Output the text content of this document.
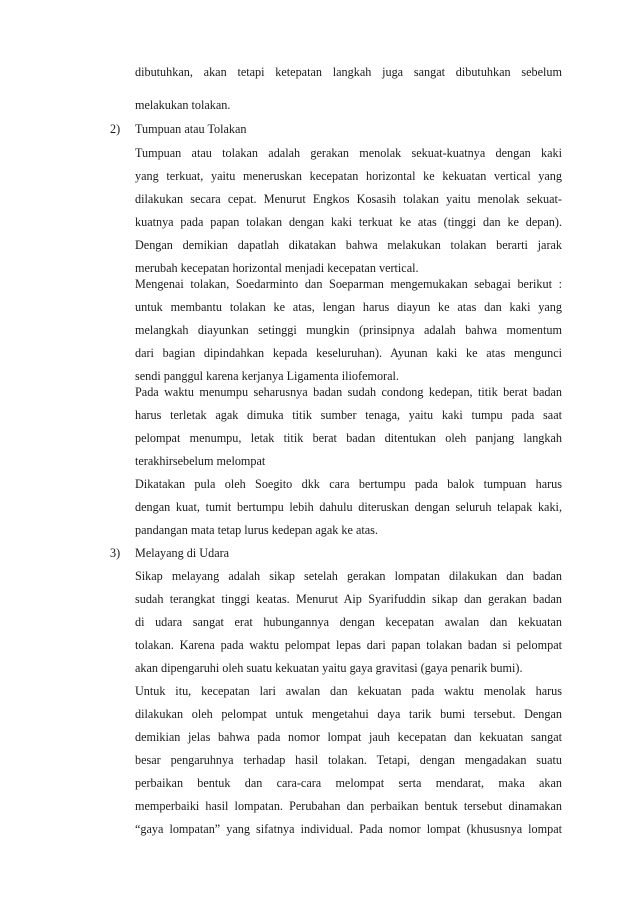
dibutuhkan, akan tetapi ketepatan langkah juga sangat dibutuhkan sebelum
melakukan tolakan.
2) Tumpuan atau Tolakan
Tumpuan atau tolakan adalah gerakan menolak sekuat-kuatnya dengan kaki
yang terkuat, yaitu meneruskan kecepatan horizontal ke kekuatan vertical yang
dilakukan secara cepat. Menurut Engkos Kosasih tolakan yaitu menolak sekuat-
kuatnya pada papan tolakan dengan kaki terkuat ke atas (tinggi dan ke depan).
Dengan demikian dapatlah dikatakan bahwa melakukan tolakan berarti jarak
merubah kecepatan horizontal menjadi kecepatan vertical.
Mengenai tolakan, Soedarminto dan Soeparman mengemukakan sebagai berikut :
untuk membantu tolakan ke atas, lengan harus diayun ke atas dan kaki yang
melangkah diayunkan setinggi mungkin (prinsipnya adalah bahwa momentum
dari bagian dipindahkan kepada keseluruhan). Ayunan kaki ke atas mengunci
sendi panggul karena kerjanya Ligamenta iliofemoral.
Pada waktu menumpu seharusnya badan sudah condong kedepan, titik berat badan
harus terletak agak dimuka titik sumber tenaga, yaitu kaki tumpu pada saat
pelompat menumpu, letak titik berat badan ditentukan oleh panjang langkah
terakhirsebelum melompat
Dikatakan pula oleh Soegito dkk cara bertumpu pada balok tumpuan harus
dengan kuat, tumit bertumpu lebih dahulu diteruskan dengan seluruh telapak kaki,
pandangan mata tetap lurus kedepan agak ke atas.
3) Melayang di Udara
Sikap melayang adalah sikap setelah gerakan lompatan dilakukan dan badan
sudah terangkat tinggi keatas. Menurut Aip Syarifuddin sikap dan gerakan badan
di udara sangat erat hubungannya dengan kecepatan awalan dan kekuatan
tolakan. Karena pada waktu pelompat lepas dari papan tolakan badan si pelompat
akan dipengaruhi oleh suatu kekuatan yaitu gaya gravitasi (gaya penarik bumi).
Untuk itu, kecepatan lari awalan dan kekuatan pada waktu menolak harus
dilakukan oleh pelompat untuk mengetahui daya tarik bumi tersebut. Dengan
demikian jelas bahwa pada nomor lompat jauh kecepatan dan kekuatan sangat
besar pengaruhnya terhadap hasil tolakan. Tetapi, dengan mengadakan suatu
perbaikan bentuk dan cara-cara melompat serta mendarat, maka akan
memperbaiki hasil lompatan. Perubahan dan perbaikan bentuk tersebut dinamakan
“gaya lompatan” yang sifatnya individual. Pada nomor lompat (khususnya lompat
